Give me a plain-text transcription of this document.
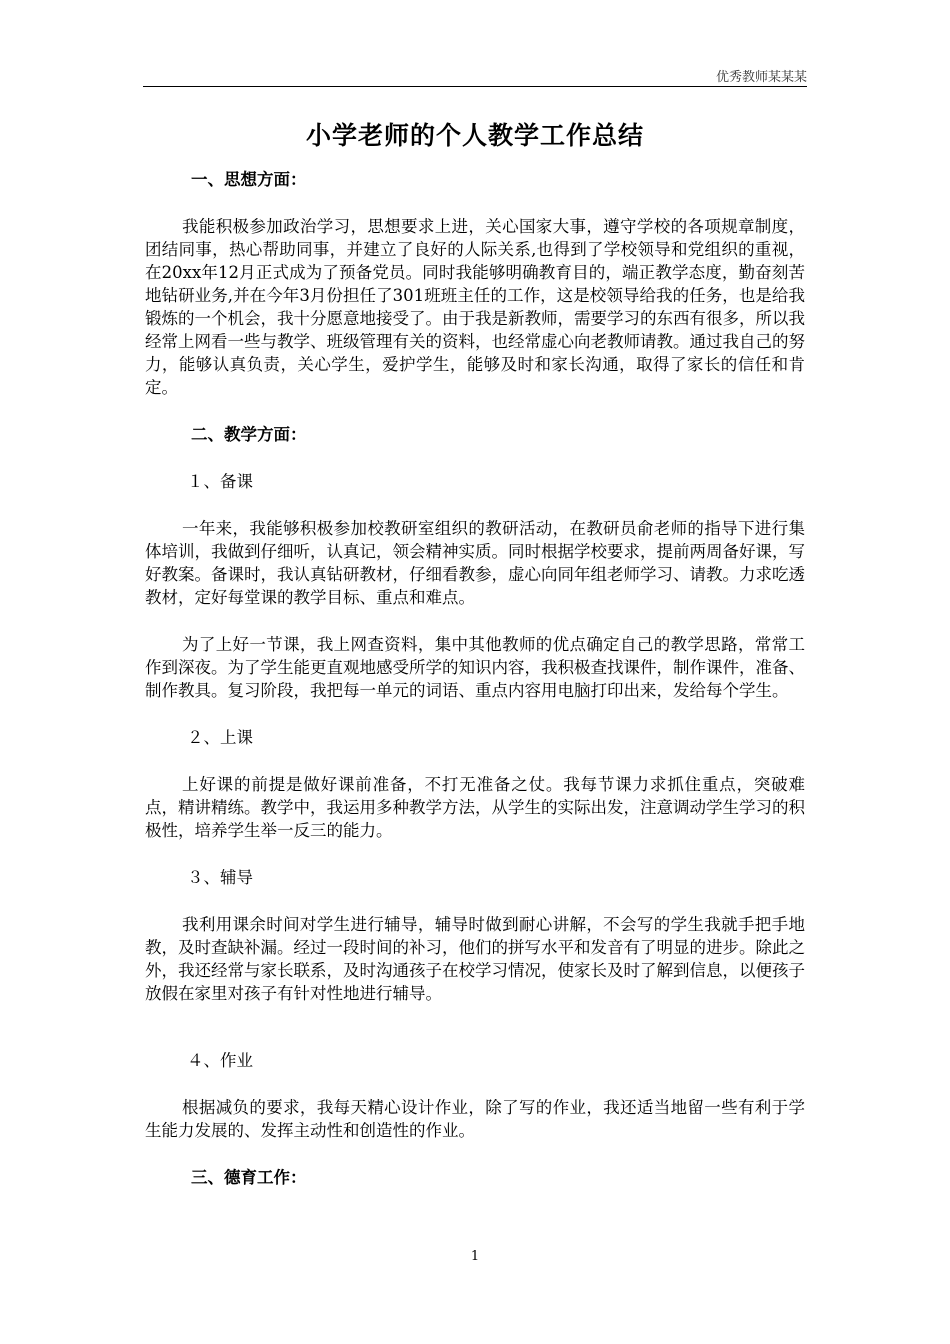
优秀教师某某某
小学老师的个人教学工作总结
一、思想方面：
我能积极参加政治学习，思想要求上进，关心国家大事，遵守学校的各项规章制度，团结同事，热心帮助同事，并建立了良好的人际关系,也得到了学校领导和党组织的重视，在20xx年12月正式成为了预备党员。同时我能够明确教育目的，端正教学态度，勤奋刻苦地钻研业务,并在今年3月份担任了301班班主任的工作，这是校领导给我的任务，也是给我锻炼的一个机会，我十分愿意地接受了。由于我是新教师，需要学习的东西有很多，所以我经常上网看一些与教学、班级管理有关的资料，也经常虚心向老教师请教。通过我自己的努力，能够认真负责，关心学生，爱护学生，能够及时和家长沟通，取得了家长的信任和肯定。
二、教学方面：
１、备课
一年来，我能够积极参加校教研室组织的教研活动，在教研员俞老师的指导下进行集体培训，我做到仔细听，认真记，领会精神实质。同时根据学校要求，提前两周备好课，写好教案。备课时，我认真钻研教材，仔细看教参，虚心向同年组老师学习、请教。力求吃透教材，定好每堂课的教学目标、重点和难点。
为了上好一节课，我上网查资料，集中其他教师的优点确定自己的教学思路，常常工作到深夜。为了学生能更直观地感受所学的知识内容，我积极查找课件，制作课件，准备、制作教具。复习阶段，我把每一单元的词语、重点内容用电脑打印出来，发给每个学生。
２、上课
上好课的前提是做好课前准备，不打无准备之仗。我每节课力求抓住重点，突破难点，精讲精练。教学中，我运用多种教学方法，从学生的实际出发，注意调动学生学习的积极性，培养学生举一反三的能力。
３、辅导
我利用课余时间对学生进行辅导，辅导时做到耐心讲解，不会写的学生我就手把手地教，及时查缺补漏。经过一段时间的补习，他们的拼写水平和发音有了明显的进步。除此之外，我还经常与家长联系，及时沟通孩子在校学习情况，使家长及时了解到信息，以便孩子放假在家里对孩子有针对性地进行辅导。
４、作业
根据减负的要求，我每天精心设计作业，除了写的作业，我还适当地留一些有利于学生能力发展的、发挥主动性和创造性的作业。
三、德育工作：
1
